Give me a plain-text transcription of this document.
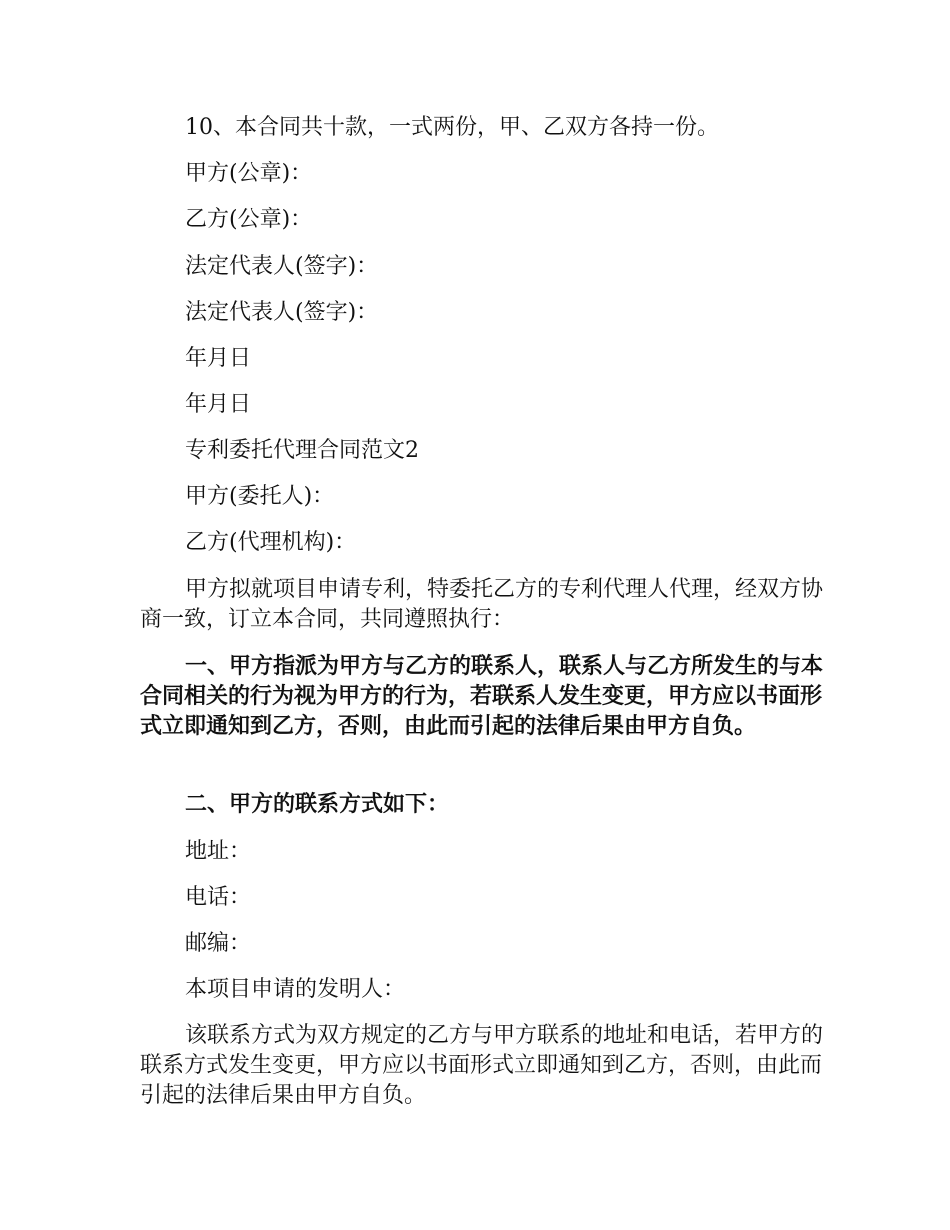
10、本合同共十款，一式两份，甲、乙双方各持一份。

甲方(公章)：

乙方(公章)：

法定代表人(签字)：

法定代表人(签字)：

年月日

年月日

专利委托代理合同范文2

甲方(委托人)：

乙方(代理机构)：

甲方拟就项目申请专利，特委托乙方的专利代理人代理，经双方协商一致，订立本合同，共同遵照执行：

一、甲方指派为甲方与乙方的联系人，联系人与乙方所发生的与本合同相关的行为视为甲方的行为，若联系人发生变更，甲方应以书面形式立即通知到乙方，否则，由此而引起的法律后果由甲方自负。

二、甲方的联系方式如下：

地址：

电话：

邮编：

本项目申请的发明人：

该联系方式为双方规定的乙方与甲方联系的地址和电话，若甲方的联系方式发生变更，甲方应以书面形式立即通知到乙方，否则，由此而引起的法律后果由甲方自负。
